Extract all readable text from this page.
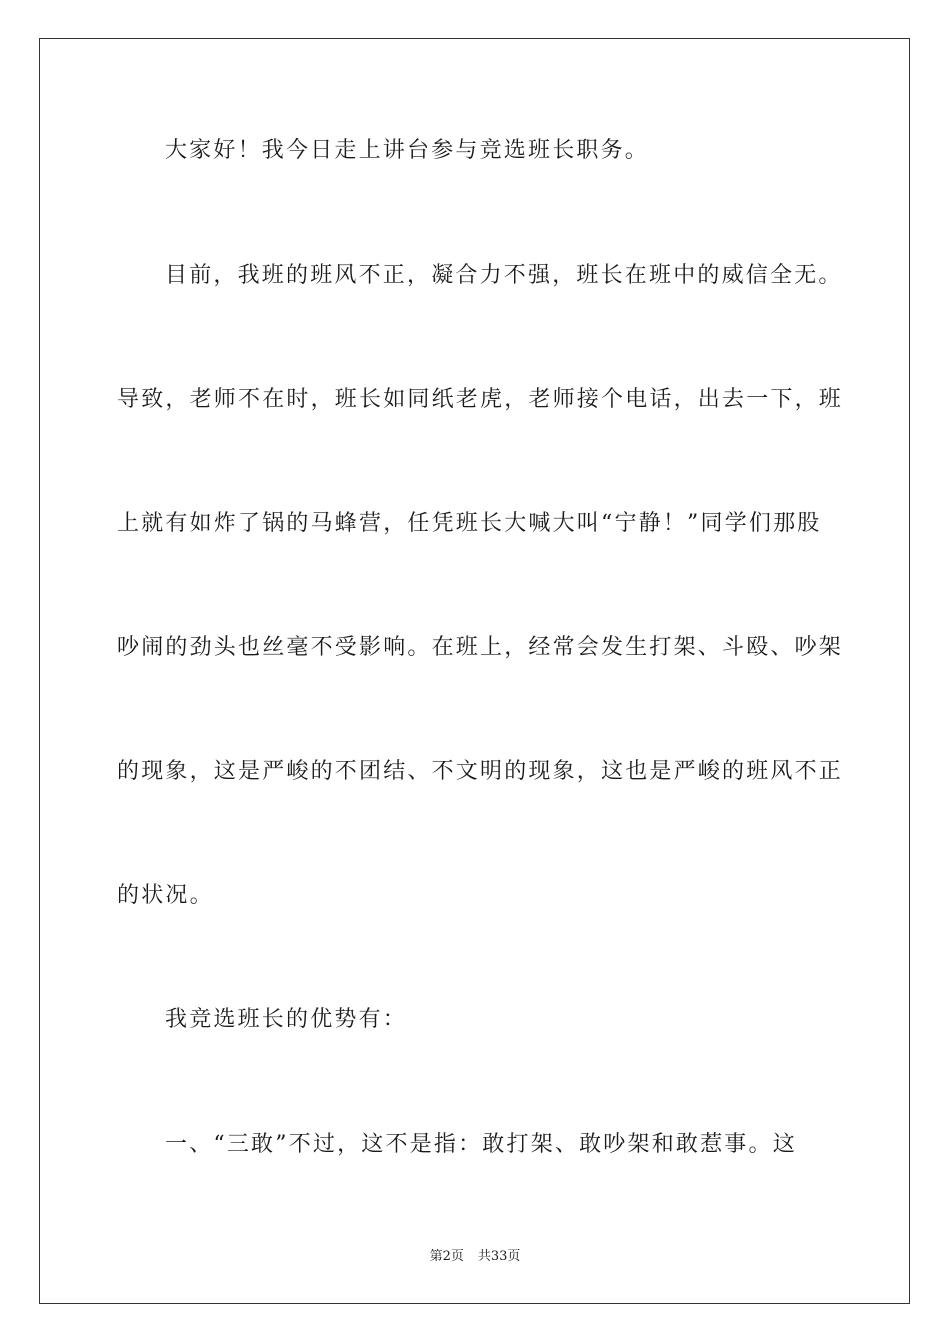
大家好！我今日走上讲台参与竞选班长职务。
目前，我班的班风不正，凝合力不强，班长在班中的威信全无。
导致，老师不在时，班长如同纸老虎，老师接个电话，出去一下，班
上就有如炸了锅的马蜂营，任凭班长大喊大叫“宁静！”同学们那股
吵闹的劲头也丝毫不受影响。在班上，经常会发生打架、斗殴、吵架
的现象，这是严峻的不团结、不文明的现象，这也是严峻的班风不正
的状况。
我竞选班长的优势有：
一、“三敢”不过，这不是指：敢打架、敢吵架和敢惹事。这
第2页 共33页
